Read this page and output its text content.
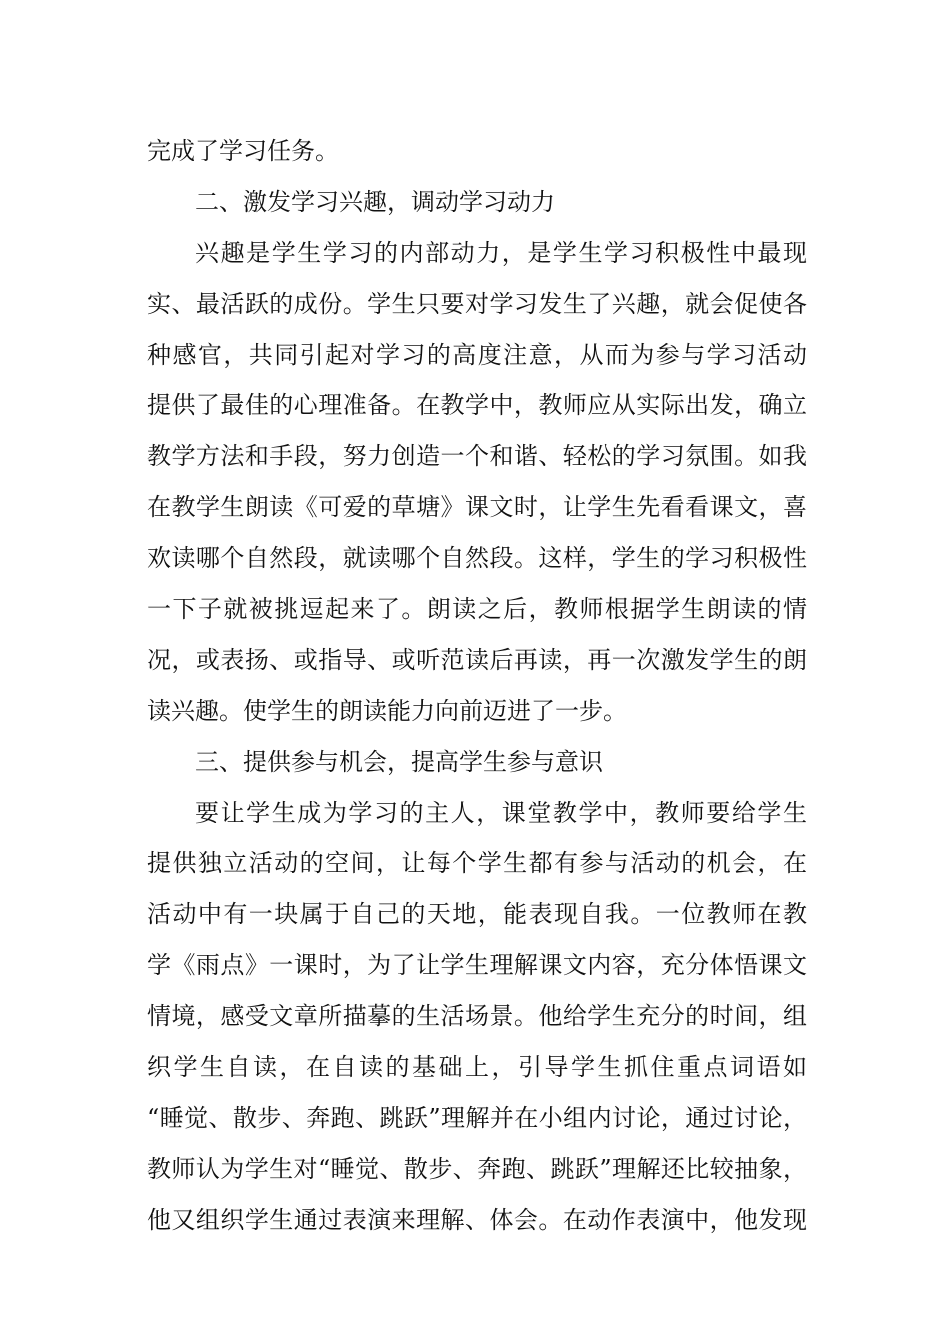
完成了学习任务。
二、激发学习兴趣，调动学习动力
兴趣是学生学习的内部动力，是学生学习积极性中最现
实、最活跃的成份。学生只要对学习发生了兴趣，就会促使各
种感官，共同引起对学习的高度注意，从而为参与学习活动
提供了最佳的心理准备。在教学中，教师应从实际出发，确立
教学方法和手段，努力创造一个和谐、轻松的学习氛围。如我
在教学生朗读《可爱的草塘》课文时，让学生先看看课文，喜
欢读哪个自然段，就读哪个自然段。这样，学生的学习积极性
一下子就被挑逗起来了。朗读之后，教师根据学生朗读的情
况，或表扬、或指导、或听范读后再读，再一次激发学生的朗
读兴趣。使学生的朗读能力向前迈进了一步。
三、提供参与机会，提高学生参与意识
要让学生成为学习的主人，课堂教学中，教师要给学生
提供独立活动的空间，让每个学生都有参与活动的机会，在
活动中有一块属于自己的天地，能表现自我。一位教师在教
学《雨点》一课时，为了让学生理解课文内容，充分体悟课文
情境，感受文章所描摹的生活场景。他给学生充分的时间，组
织学生自读，在自读的基础上，引导学生抓住重点词语如
“睡觉、散步、奔跑、跳跃”理解并在小组内讨论，通过讨论，
教师认为学生对“睡觉、散步、奔跑、跳跃”理解还比较抽象，
他又组织学生通过表演来理解、体会。在动作表演中，他发现
